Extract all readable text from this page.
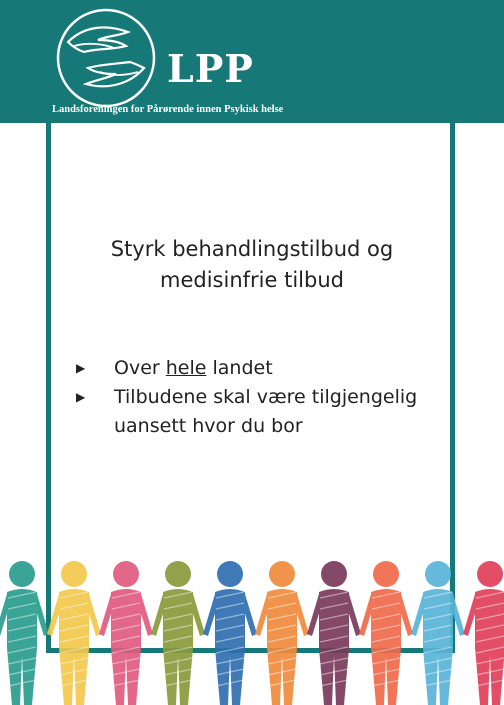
LPP
Landsforeningen for Pårørende innen Psykisk helse
Styrk behandlingstilbud og
medisinfrie tilbud
▶ Over hele landet
▶ Tilbudene skal være tilgjengelig
uansett hvor du bor
